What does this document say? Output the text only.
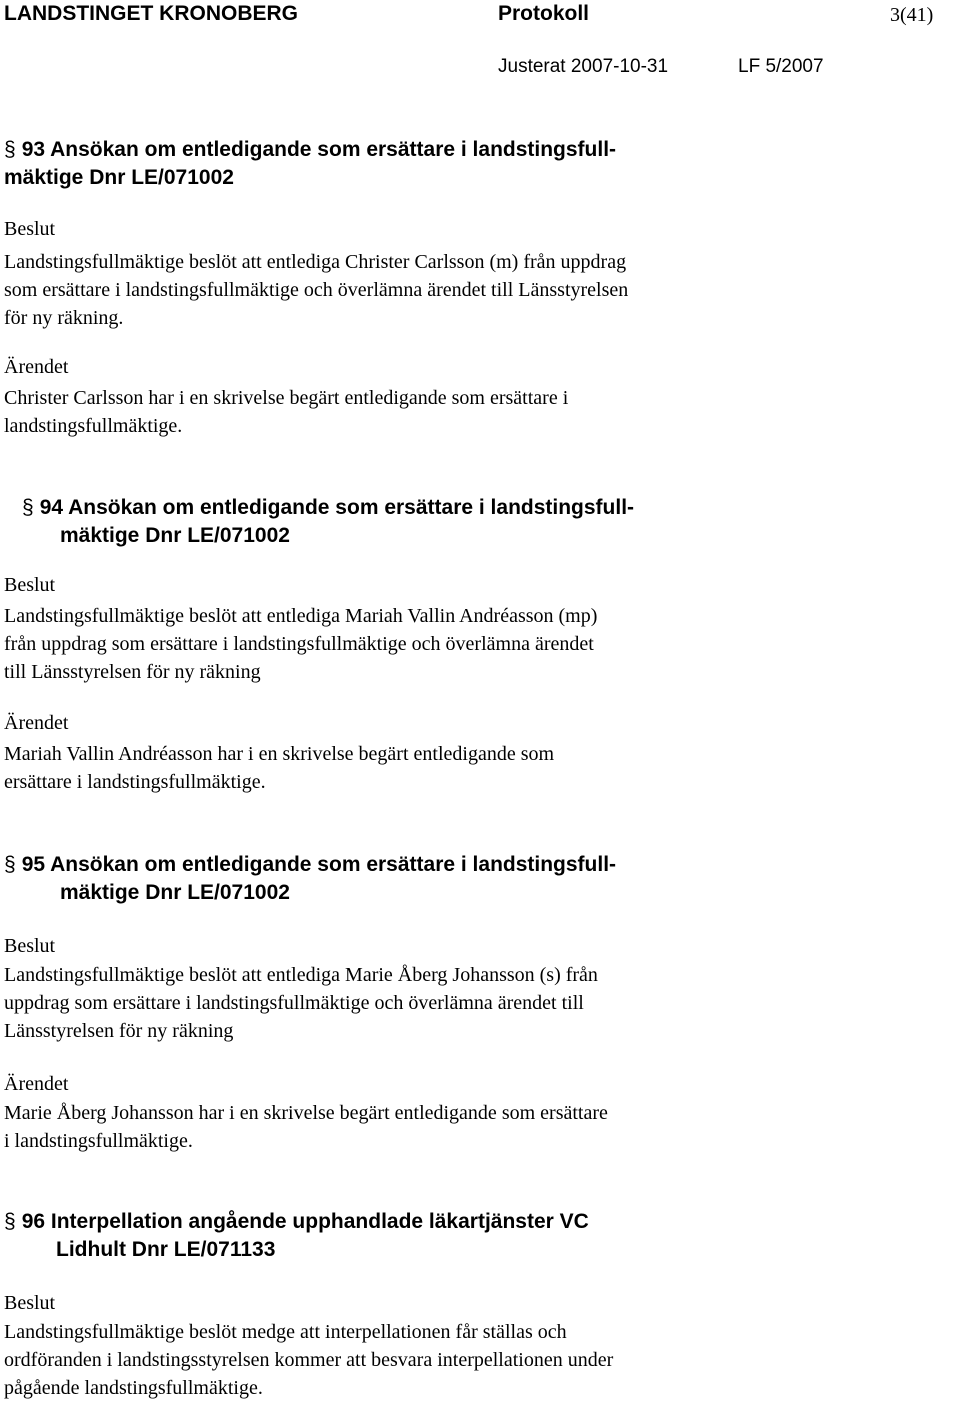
LANDSTINGET KRONOBERG	Protokoll	3(41)
Justerat 2007-10-31	LF 5/2007
§ 93 Ansökan om entledigande som ersättare i landstingsfull-
mäktige Dnr LE/071002
Beslut
Landstingsfullmäktige beslöt att entlediga Christer Carlsson (m) från uppdrag
som ersättare i landstingsfullmäktige och överlämna ärendet till Länsstyrelsen
för ny räkning.
Ärendet
Christer Carlsson har i en skrivelse begärt entledigande som ersättare i
landstingsfullmäktige.
§ 94 Ansökan om entledigande som ersättare i landstingsfull-
mäktige Dnr LE/071002
Beslut
Landstingsfullmäktige beslöt att entlediga Mariah Vallin Andréasson (mp)
från uppdrag som ersättare i landstingsfullmäktige och överlämna ärendet
till Länsstyrelsen för ny räkning
Ärendet
Mariah Vallin Andréasson har i en skrivelse begärt entledigande som
ersättare i landstingsfullmäktige.
§ 95 Ansökan om entledigande som ersättare i landstingsfull-
mäktige Dnr LE/071002
Beslut
Landstingsfullmäktige beslöt att entlediga Marie Åberg Johansson (s) från
uppdrag som ersättare i landstingsfullmäktige och överlämna ärendet till
Länsstyrelsen för ny räkning
Ärendet
Marie Åberg Johansson har i en skrivelse begärt entledigande som ersättare
i landstingsfullmäktige.
§ 96 Interpellation angående upphandlade läkartjänster VC
Lidhult Dnr LE/071133
Beslut
Landstingsfullmäktige beslöt medge att interpellationen får ställas och
ordföranden i landstingsstyrelsen kommer att besvara interpellationen under
pågående landstingsfullmäktige.
